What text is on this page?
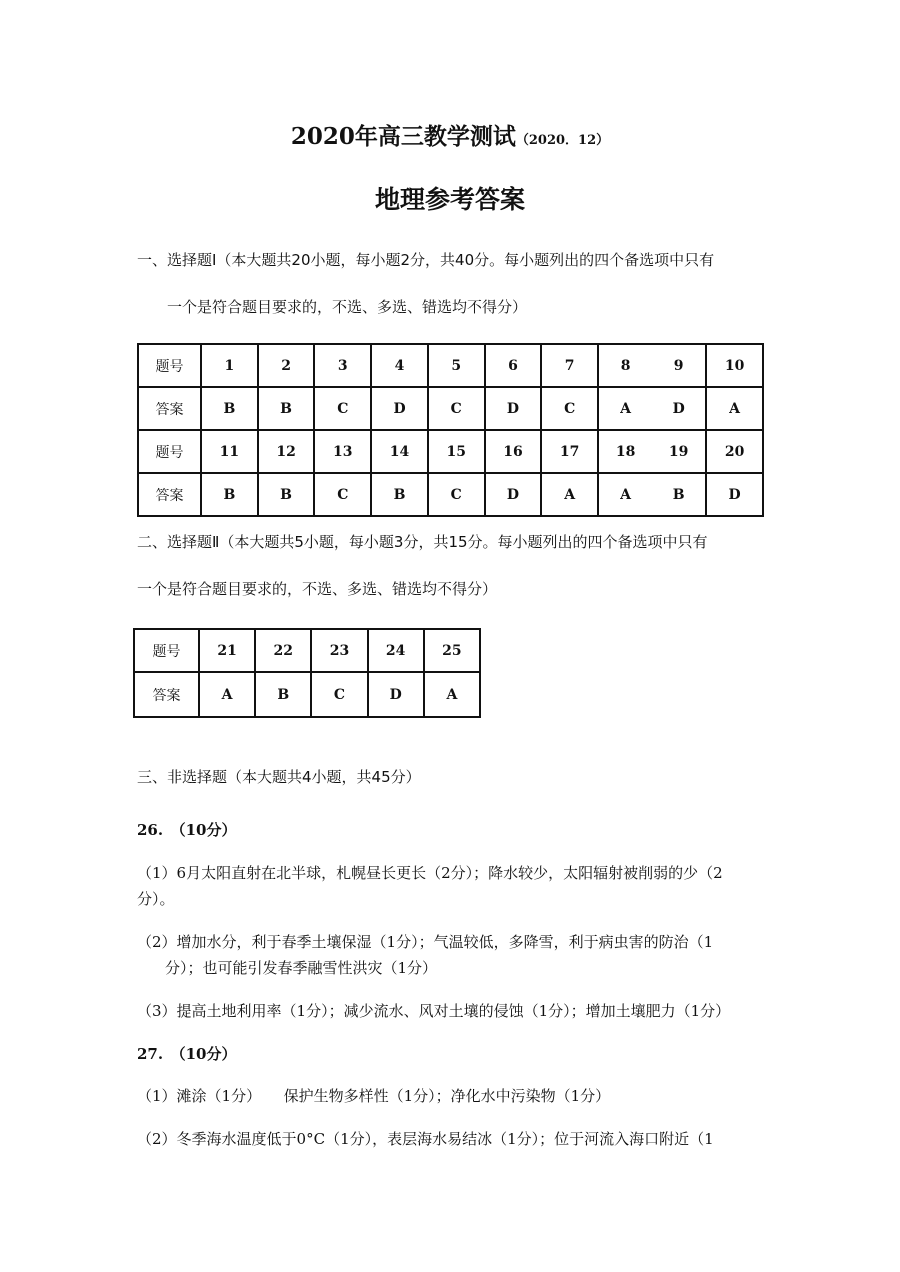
2020年高三教学测试（2020．12）
地理参考答案
一、选择题Ⅰ（本大题共20小题，每小题2分，共40分。每小题列出的四个备选项中只有
一个是符合题目要求的，不选、多选、错选均不得分）
题号	1	2	3	4	5	6	7	8	9	10
答案	B	B	C	D	C	D	C	A	D	A
题号	11	12	13	14	15	16	17	18	19	20
答案	B	B	C	B	C	D	A	A	B	D
二、选择题Ⅱ（本大题共5小题，每小题3分，共15分。每小题列出的四个备选项中只有
一个是符合题目要求的，不选、多选、错选均不得分）
题号	21	22	23	24	25
答案	A	B	C	D	A
三、非选择题（本大题共4小题，共45分）
26.　（10分）
（1）6月太阳直射在北半球，札幌昼长更长（2分）；降水较少，太阳辐射被削弱的少（2
分）。
（2）增加水分，利于春季土壤保湿（1分）；气温较低，多降雪，利于病虫害的防治（1
分）；也可能引发春季融雪性洪灾（1分）
（3）提高土地利用率（1分）；减少流水、风对土壤的侵蚀（1分）；增加土壤肥力（1分）
27.　（10分）
（1）滩涂（1分）　　保护生物多样性（1分）；净化水中污染物（1分）
（2）冬季海水温度低于0°C（1分），表层海水易结冰（1分）；位于河流入海口附近（1
